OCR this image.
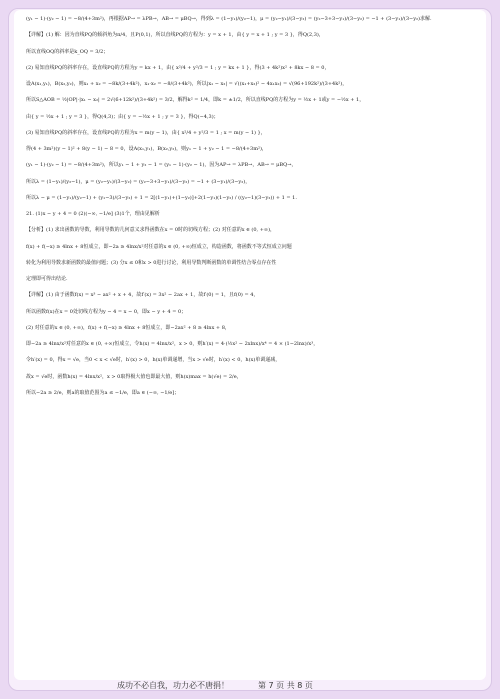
(y₁ − 1)·(y₂ − 1) = −8/(4+3m²)，再根据AP→ = λPB→，AB→ = μBQ→，得到λ = (1−y₁)/(y₂−1)，μ = (y₂−y₁)/(3−y₂) = (y₂−3+3−y₁)/(3−y₂) = −1 + (3−y₁)/(3−y₂)求解.

【详解】(1) 解：因为直线PQ的倾斜角为π/4，且P(0,1)，所以直线PQ的方程为：y = x + 1，由{ y = x + 1 ; y = 3 }，得Q(2,3)，

所以直线OQ的斜率是k_OQ = 3/2；

(2) 易知直线PQ的斜率存在，设直线PQ的方程为y = kx + 1，由{ x²/4 + y²/3 = 1 ; y = kx + 1 }，得(3 + 4k²)x² + 8kx − 8 = 0，

设A(x₁,y₁)，B(x₂,y₂)，则x₁ + x₂ = −8k/(3+4k²)，x₁·x₂ = −8/(3+4k²)，所以|x₁ − x₂| = √((x₁+x₂)² − 4x₁x₂) = √(96+192k²)/(3+4k²)，

所以S△AOB = ½|OP|·|x₁ − x₂| = 2√(6+12k²)/(3+4k²) = 3/2，解得k² = 1/4，即k = ±1/2，所以直线PQ的方程为y = ½x + 1或y = −½x + 1，

由{ y = ½x + 1 ; y = 3 }，得Q(4,3)；由{ y = −½x + 1 ; y = 3 }，得Q(−4,3)；

(3) 易知直线PQ的斜率存在，设直线PQ的方程为x = m(y − 1)，由{ x²/4 + y²/3 = 1 ; x = m(y − 1) }，

得(4 + 3m²)(y − 1)² + 8(y − 1) − 8 = 0，设A(x₁,y₁)，B(x₂,y₂)，则y₁ − 1 + y₂ − 1 = −8/(4+3m²)，

(y₁ − 1)·(y₂ − 1) = −8/(4+3m²)，所以y₁ − 1 + y₂ − 1 = (y₁ − 1)·(y₂ − 1)，因为AP→ = λPB→，AB→ = μBQ→，

所以λ = (1−y₁)/(y₂−1)，μ = (y₂−y₁)/(3−y₂) = (y₂−3+3−y₁)/(3−y₂) = −1 + (3−y₁)/(3−y₂)，

所以λ − μ = (1−y₁)/(y₂−1) + (y₁−3)/(3−y₂) + 1 = 2[(1−y₁)+(1−y₂)]+2(1−y₁)(1−y₂) / ((y₂−1)(3−y₂)) + 1 = 1.

21. (1)x − y + 4 = 0 (2)(−∞, −1/e] (3)1个，理由见解析

【分析】(1) 求出函数的导数，利用导数的几何意义求得函数在x = 0时的切线方程；(2) 对任意的x ∈ (0, +∞)，

f(x) + f(−x) ≥ 4lnx + 8恒成立，即−2a ≥ 4lnx/x²对任意的x ∈ (0, +∞)恒成立，构造函数，将函数不等式恒成立问题

转化为利用导数求新函数的最值问题；(3) 分x ≤ 0和x > 0进行讨论，利用导数判断函数的单调性结合零点存在性

定理即可得出结论.

【详解】(1) 由于函数f(x) = x³ − ax² + x + 4，故f′(x) = 3x² − 2ax + 1，故f′(0) = 1，且f(0) = 4，

所以函数f(x)在x = 0处切线方程为y − 4 = x − 0，即x − y + 4 = 0；

(2) 对任意的x ∈ (0, +∞)，f(x) + f(−x) ≥ 4lnx + 8恒成立，即−2ax² + 8 ≥ 4lnx + 8，

即−2a ≥ 4lnx/x²对任意的x ∈ (0, +∞)恒成立，令h(x) = 4lnx/x²，x > 0，则h′(x) = 4·(½x² − 2xlnx)/x⁴ = 4 × (1−2lnx)/x³，

令h′(x) = 0，得x = √e，当0 < x < √e时，h′(x) > 0，h(x)单调递增，当x > √e时，h′(x) < 0，h(x)单调递减，

故x = √e时，函数h(x) = 4lnx/x²，x > 0取得极大值也即最大值，则h(x)max = h(√e) = 2/e，

所以−2a ≥ 2/e，则a的取值范围为a ≤ −1/e，即a ∈ (−∞, −1/e]；

成功不必自我，功力必不唐捐！	第 7 页 共 8 页
